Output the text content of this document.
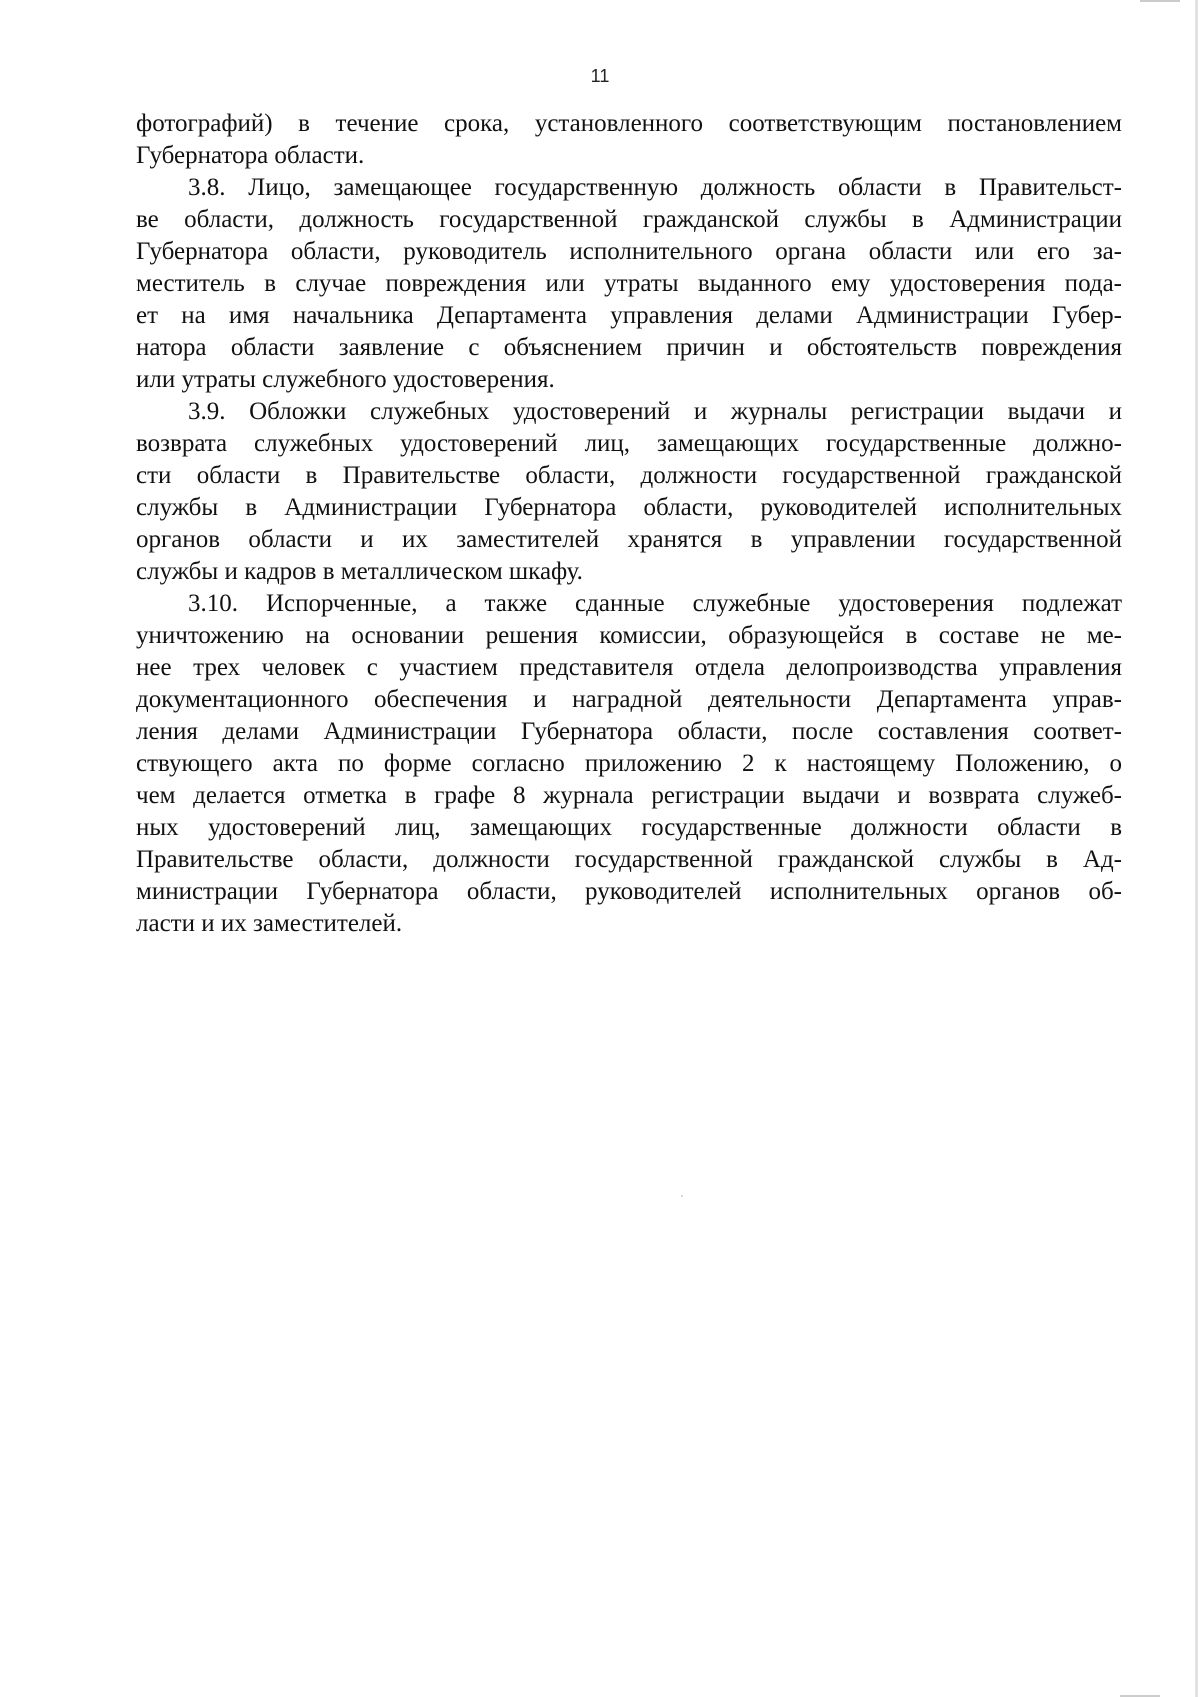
11

фотографий) в течение срока, установленного соответствующим постановлением
Губернатора области.

3.8. Лицо, замещающее государственную должность области в Правительст-
ве области, должность государственной гражданской службы в Администрации
Губернатора области, руководитель исполнительного органа области или его за-
меститель в случае повреждения или утраты выданного ему удостоверения пода-
ет на имя начальника Департамента управления делами Администрации Губер-
натора области заявление с объяснением причин и обстоятельств повреждения
или утраты служебного удостоверения.

3.9. Обложки служебных удостоверений и журналы регистрации выдачи и
возврата служебных удостоверений лиц, замещающих государственные должно-
сти области в Правительстве области, должности государственной гражданской
службы в Администрации Губернатора области, руководителей исполнительных
органов области и их заместителей хранятся в управлении государственной
службы и кадров в металлическом шкафу.

3.10. Испорченные, а также сданные служебные удостоверения подлежат
уничтожению на основании решения комиссии, образующейся в составе не ме-
нее трех человек с участием представителя отдела делопроизводства управления
документационного обеспечения и наградной деятельности Департамента управ-
ления делами Администрации Губернатора области, после составления соответ-
ствующего акта по форме согласно приложению 2 к настоящему Положению, о
чем делается отметка в графе 8 журнала регистрации выдачи и возврата служеб-
ных удостоверений лиц, замещающих государственные должности области в
Правительстве области, должности государственной гражданской службы в Ад-
министрации Губернатора области, руководителей исполнительных органов об-
ласти и их заместителей.
